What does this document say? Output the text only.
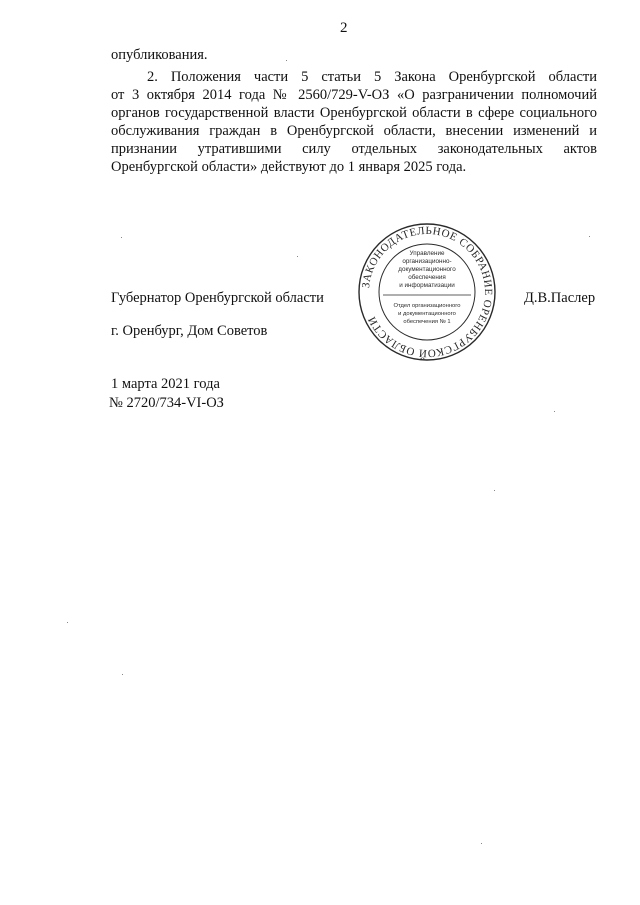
2
опубликования.
2. Положения части 5 статьи 5 Закона Оренбургской области
от 3 октября 2014 года № 2560/729-V-ОЗ «О разграничении полномочий
органов государственной власти Оренбургской области в сфере социального
обслуживания граждан в Оренбургской области, внесении изменений и
признании утратившими силу отдельных законодательных актов
Оренбургской области» действуют до 1 января 2025 года.
Губернатор Оренбургской области	Д.В.Паслер
г. Оренбург, Дом Советов
1 марта 2021 года
№ 2720/734-VI-ОЗ
ЗАКОНОДАТЕЛЬНОЕ СОБРАНИЕ ОРЕНБУРГСКОЙ ОБЛАСТИ
Управление
организационно-
документационного
обеспечения
и информатизации
Отдел организационного
и документационного
обеспечения № 1
